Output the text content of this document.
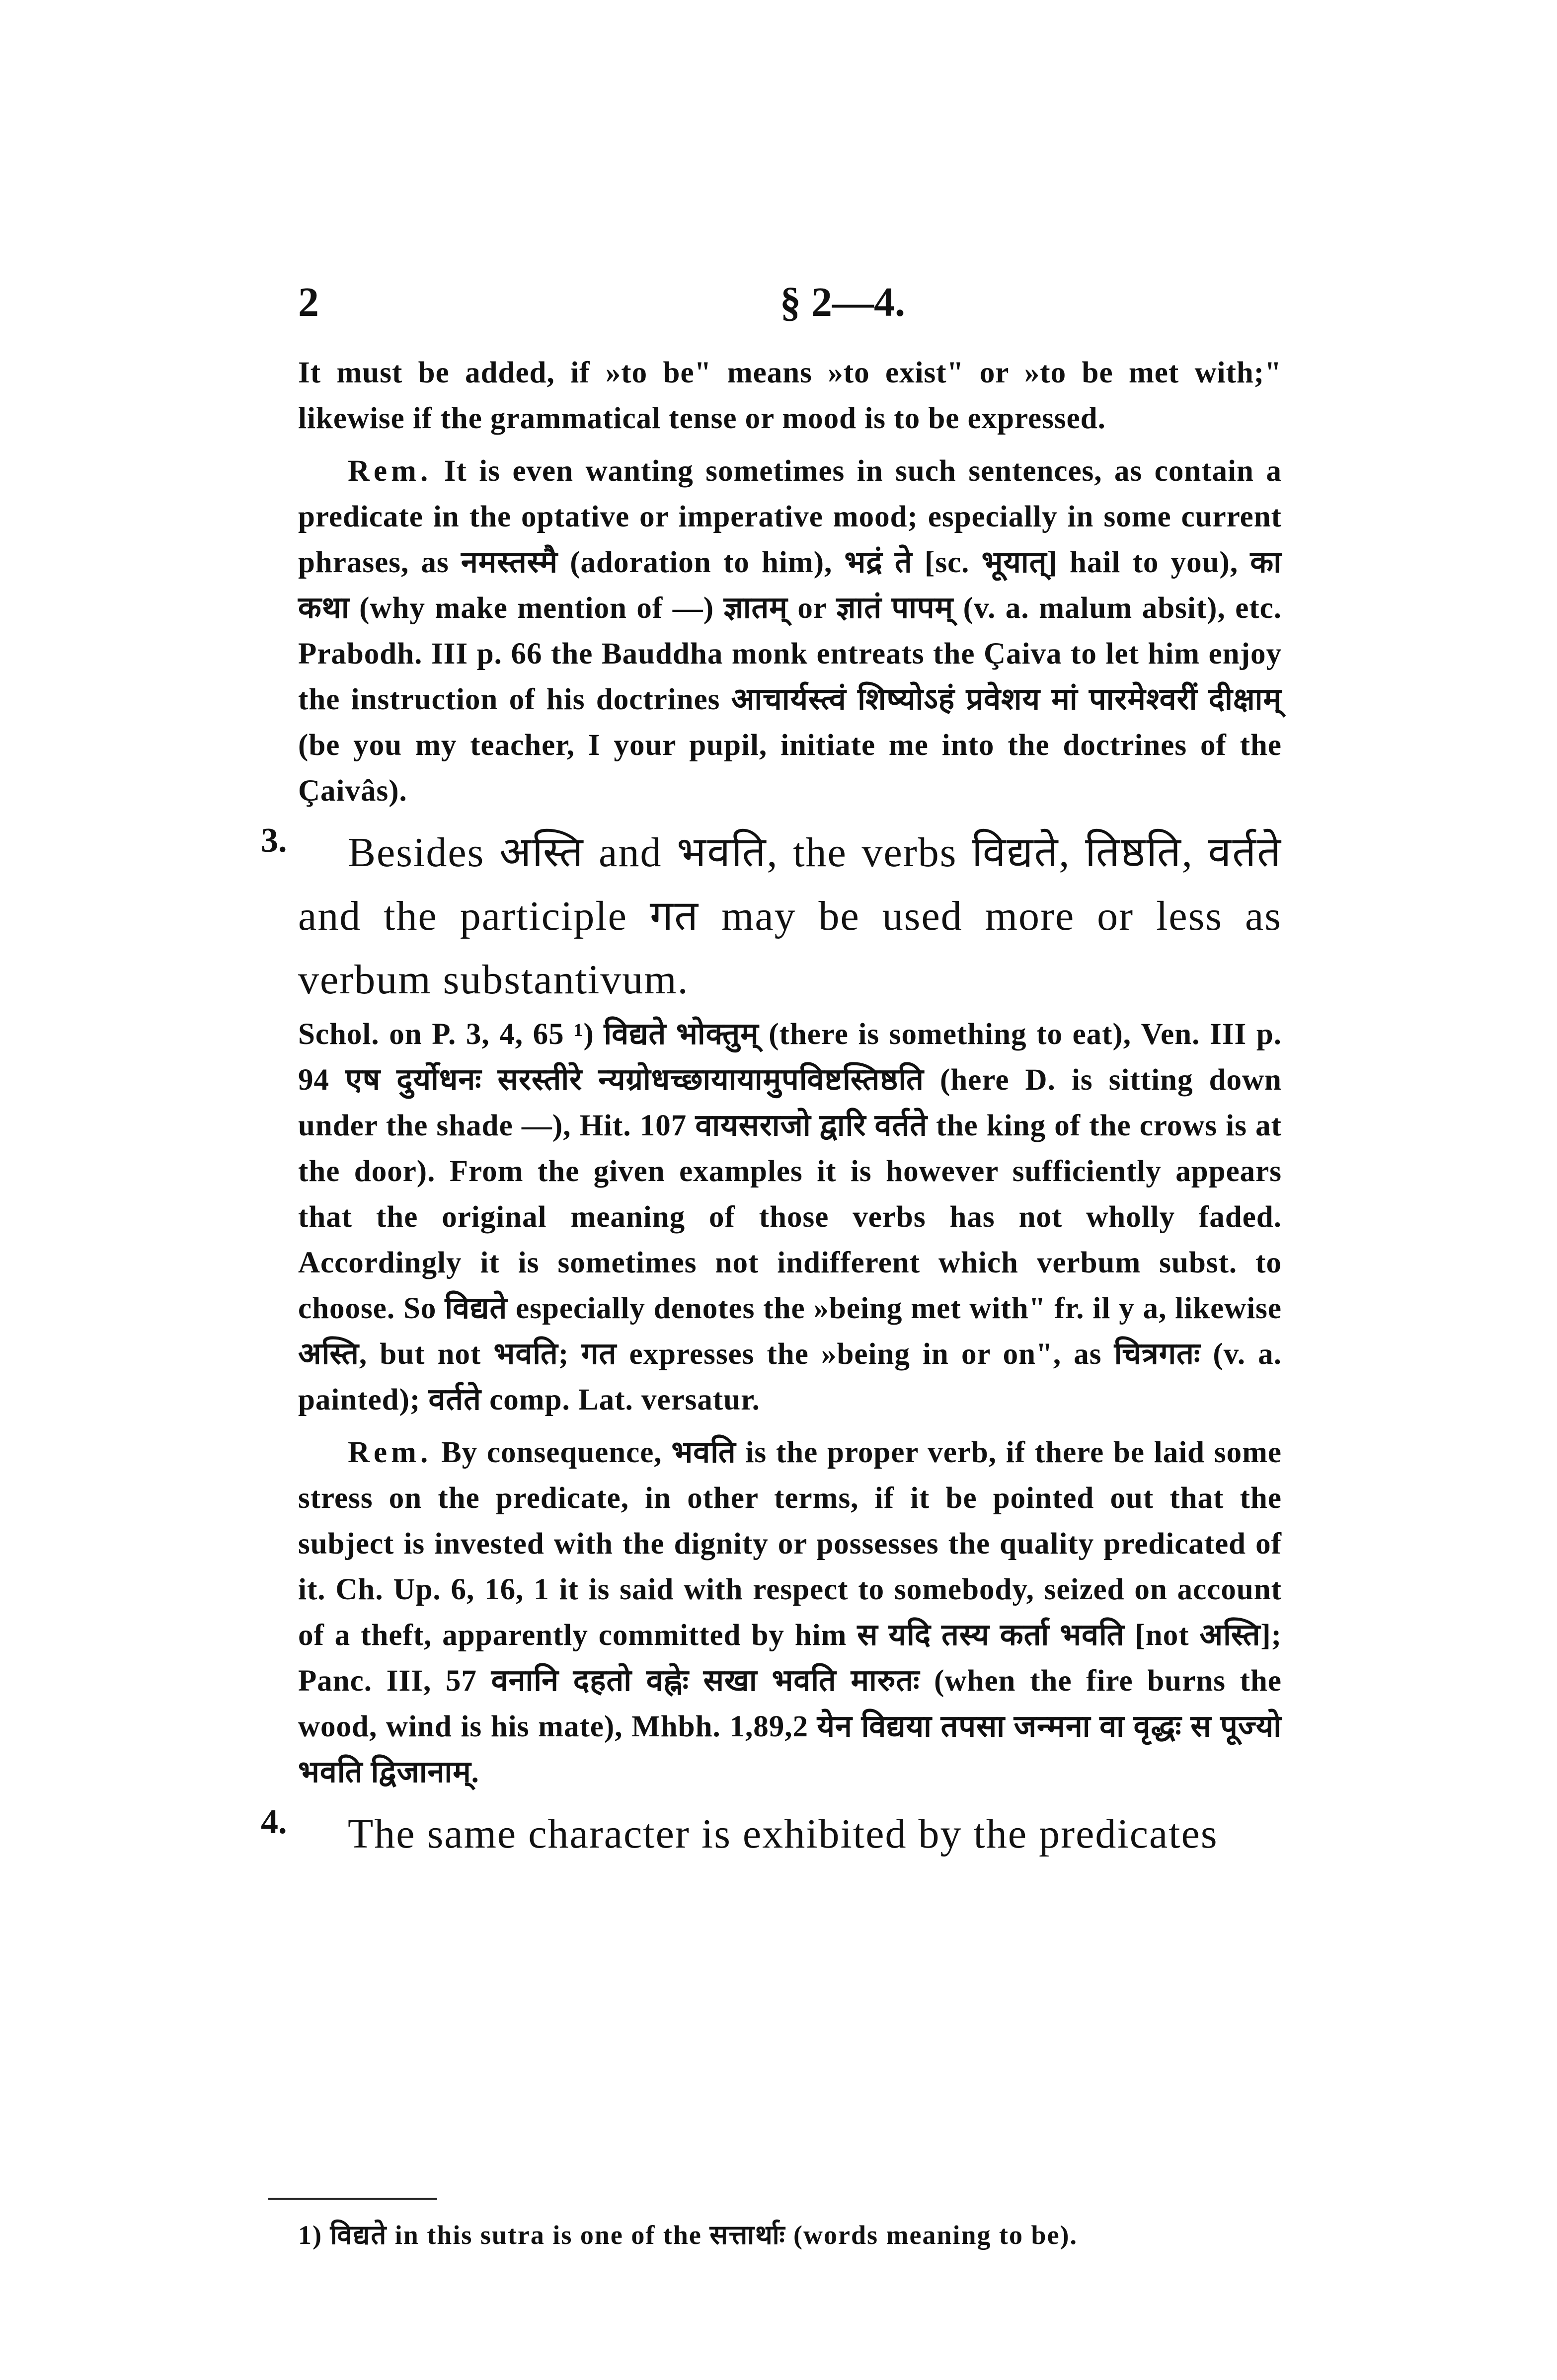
2	§ 2—4.

It must be added, if »to be" means »to exist" or »to be met with;" likewise if the grammatical tense or mood is to be expressed.

Rem. It is even wanting sometimes in such sentences, as contain a predicate in the optative or imperative mood; especially in some current phrases, as नमस्तस्मै (adoration to him), भद्रं ते [sc. भूयात्] hail to you), का कथा (why make mention of —) ज्ञातम् or ज्ञातं पापम् (v. a. malum absit), etc. Prabodh. III p. 66 the Bauddha monk entreats the Çaiva to let him enjoy the instruction of his doctrines आचार्यस्त्वं शिष्योऽहं प्रवेशय मां पारमेश्वरीं दीक्षाम् (be you my teacher, I your pupil, initiate me into the doctrines of the Çaivâs).

3.	Besides अस्ति and भवति, the verbs विद्यते, तिष्ठति, वर्तते and the participle गत may be used more or less as verbum substantivum.

Schol. on P. 3, 4, 65 ¹) विद्यते भोक्तुम् (there is something to eat), Ven. III p. 94 एष दुर्योधनः सरस्तीरे न्यग्रोधच्छायायामुपविष्टस्तिष्ठति (here D. is sitting down under the shade —), Hit. 107 वायसराजो द्वारि वर्तते the king of the crows is at the door). From the given examples it is however sufficiently appears that the original meaning of those verbs has not wholly faded. Accordingly it is sometimes not indifferent which verbum subst. to choose. So विद्यते especially denotes the »being met with" fr. il y a, likewise अस्ति, but not भवति; गत expresses the »being in or on", as चित्रगतः (v. a. painted); वर्तते comp. Lat. versatur.

Rem. By consequence, भवति is the proper verb, if there be laid some stress on the predicate, in other terms, if it be pointed out that the subject is invested with the dignity or possesses the quality predicated of it. Ch. Up. 6, 16, 1 it is said with respect to somebody, seized on account of a theft, apparently committed by him स यदि तस्य कर्ता भवति [not अस्ति]; Panc. III, 57 वनानि दहतो वह्नेः सखा भवति मारुतः (when the fire burns the wood, wind is his mate), Mhbh. 1,89,2 येन विद्यया तपसा जन्मना वा वृद्धः स पूज्यो भवति द्विजानाम्.

4.	The same character is exhibited by the predicates

1) विद्यते in this sutra is one of the सत्तार्थाः (words meaning to be).
